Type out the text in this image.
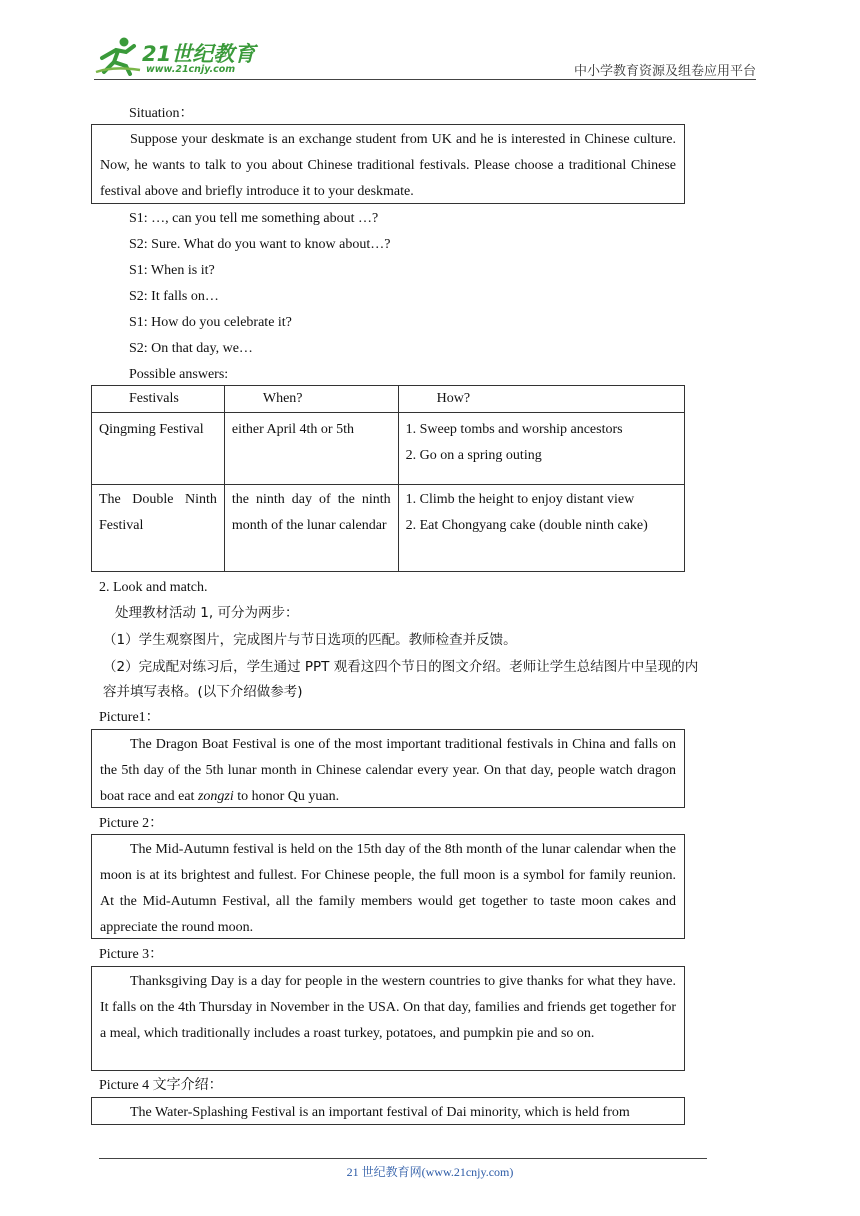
21世纪教育
www.21cnjy.com	中小学教育资源及组卷应用平台
Situation：

Suppose your deskmate is an exchange student from UK and he is interested in Chinese culture. Now, he wants to talk to you about Chinese traditional festivals. Please choose a traditional Chinese festival above and briefly introduce it to your deskmate.

S1: …, can you tell me something about …?
S2: Sure. What do you want to know about…?
S1: When is it?
S2: It falls on…
S1: How do you celebrate it?
S2: On that day, we…
Possible answers:
Festivals	When?	How?
Qingming Festival	either April 4th or 5th	1. Sweep tombs and worship ancestors
2. Go on a spring outing

The Double Ninth Festival	the ninth day of the ninth month of the lunar calendar	1. Climb the height to enjoy distant view
2. Eat Chongyang cake (double ninth cake)
2. Look and match.
处理教材活动 1, 可分为两步：
（1）学生观察图片，完成图片与节日选项的匹配。教师检查并反馈。
（2）完成配对练习后，学生通过 PPT 观看这四个节日的图文介绍。老师让学生总结图片中呈现的内
容并填写表格。(以下介绍做参考)
Picture1：

The Dragon Boat Festival is one of the most important traditional festivals in China and falls on the 5th day of the 5th lunar month in Chinese calendar every year. On that day, people watch dragon boat race and eat zongzi to honor Qu yuan.

Picture 2：

The Mid-Autumn festival is held on the 15th day of the 8th month of the lunar calendar when the moon is at its brightest and fullest. For Chinese people, the full moon is a symbol for family reunion. At the Mid-Autumn Festival, all the family members would get together to taste moon cakes and appreciate the round moon.

Picture 3：

Thanksgiving Day is a day for people in the western countries to give thanks for what they have. It falls on the 4th Thursday in November in the USA. On that day, families and friends get together for a meal, which traditionally includes a roast turkey, potatoes, and pumpkin pie and so on.

Picture 4 文字介绍：

The Water-Splashing Festival is an important festival of Dai minority, which is held from

21 世纪教育网(www.21cnjy.com)
